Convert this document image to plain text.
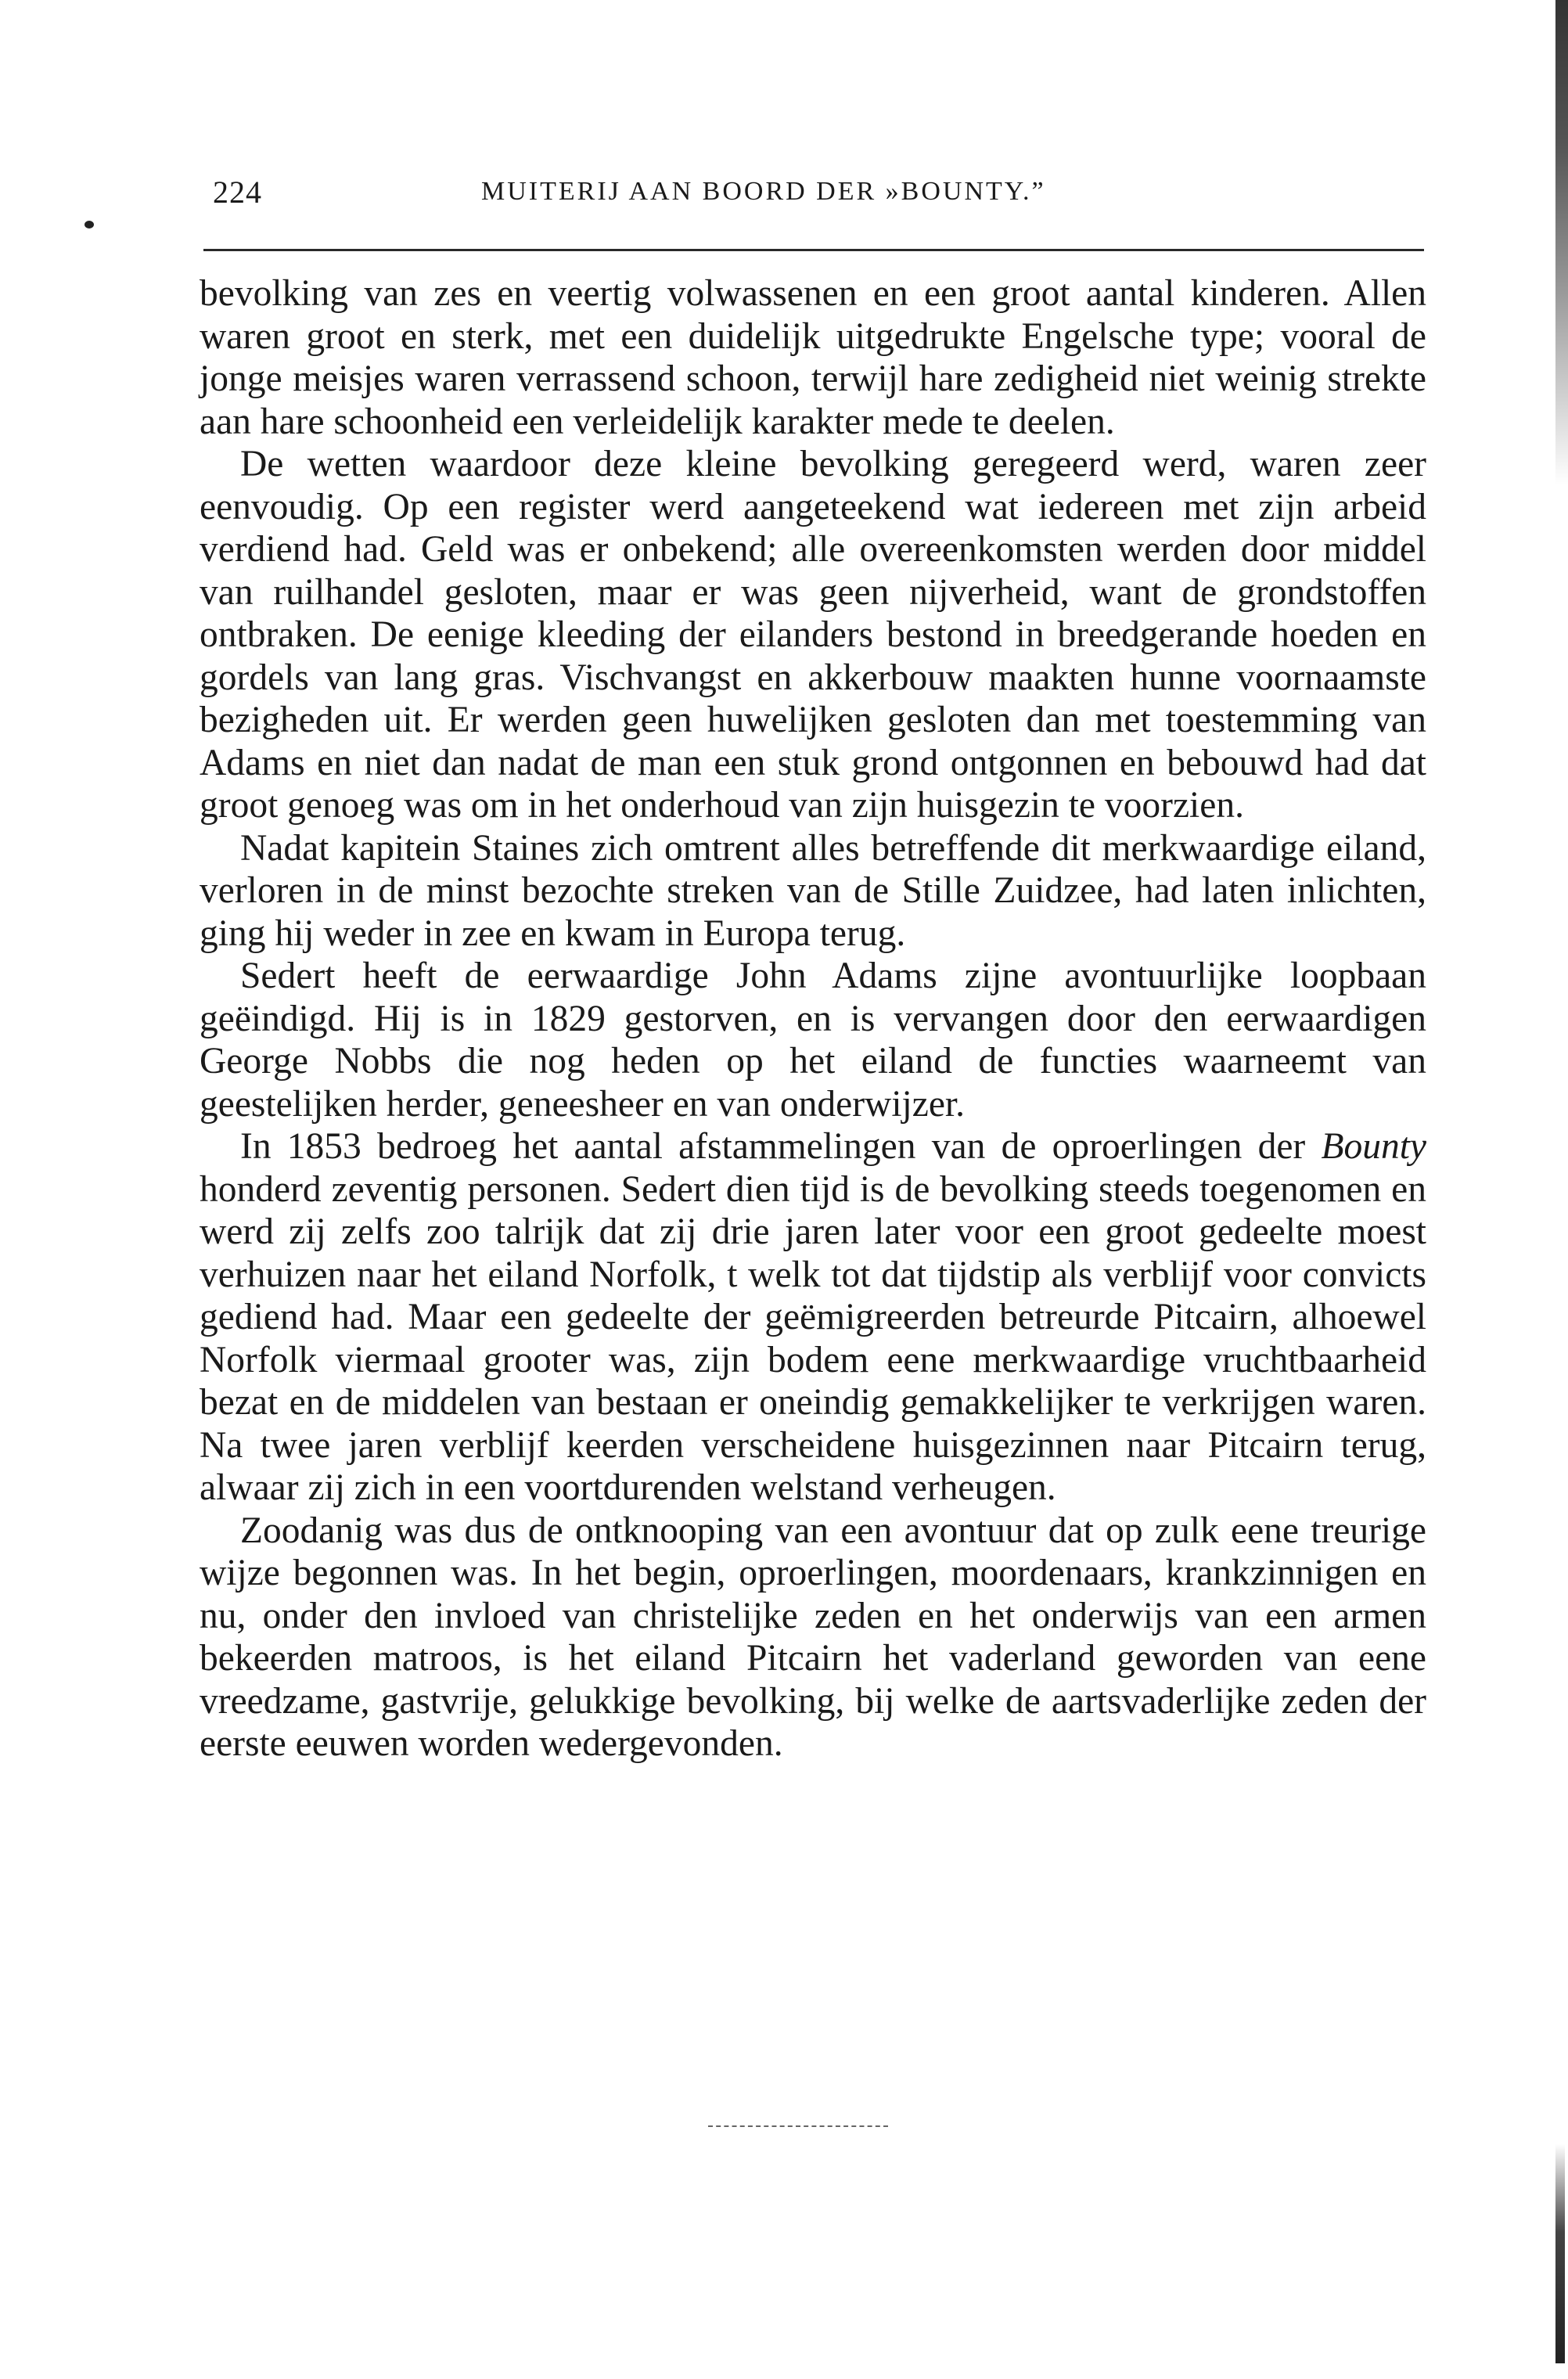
224	MUITERIJ AAN BOORD DER »BOUNTY.”

bevolking van zes en veertig volwassenen en een groot aantal kinderen. Allen waren groot en sterk, met een duidelijk uitgedrukte Engelsche type; vooral de jonge meisjes waren verrassend schoon, terwijl hare zedigheid niet weinig strekte aan hare schoonheid een verleidelijk karakter mede te deelen.

De wetten waardoor deze kleine bevolking geregeerd werd, waren zeer eenvoudig. Op een register werd aangeteekend wat iedereen met zijn arbeid verdiend had. Geld was er onbekend; alle overeenkomsten werden door middel van ruilhandel gesloten, maar er was geen nijverheid, want de grondstoffen ontbraken. De eenige kleeding der eilanders bestond in breedgerande hoeden en gordels van lang gras. Vischvangst en akkerbouw maakten hunne voornaamste bezigheden uit. Er werden geen huwelijken gesloten dan met toestemming van Adams en niet dan nadat de man een stuk grond ontgonnen en bebouwd had dat groot genoeg was om in het onderhoud van zijn huisgezin te voorzien.

Nadat kapitein Staines zich omtrent alles betreffende dit merkwaardige eiland, verloren in de minst bezochte streken van de Stille Zuidzee, had laten inlichten, ging hij weder in zee en kwam in Europa terug.

Sedert heeft de eerwaardige John Adams zijne avontuurlijke loopbaan geëindigd. Hij is in 1829 gestorven, en is vervangen door den eerwaardigen George Nobbs die nog heden op het eiland de functies waarneemt van geestelijken herder, geneesheer en van onderwijzer.

In 1853 bedroeg het aantal afstammelingen van de oproerlingen der Bounty honderd zeventig personen. Sedert dien tijd is de bevolking steeds toegenomen en werd zij zelfs zoo talrijk dat zij drie jaren later voor een groot gedeelte moest verhuizen naar het eiland Norfolk, t welk tot dat tijdstip als verblijf voor convicts gediend had. Maar een gedeelte der geëmigreerden betreurde Pitcairn, alhoewel Norfolk viermaal grooter was, zijn bodem eene merkwaardige vruchtbaarheid bezat en de middelen van bestaan er oneindig gemakkelijker te verkrijgen waren. Na twee jaren verblijf keerden verscheidene huisgezinnen naar Pitcairn terug, alwaar zij zich in een voortdurenden welstand verheugen.

Zoodanig was dus de ontknooping van een avontuur dat op zulk eene treurige wijze begonnen was. In het begin, oproerlingen, moordenaars, krankzinnigen en nu, onder den invloed van christelijke zeden en het onderwijs van een armen bekeerden matroos, is het eiland Pitcairn het vaderland geworden van eene vreedzame, gastvrije, gelukkige bevolking, bij welke de aartsvaderlijke zeden der eerste eeuwen worden wedergevonden.
